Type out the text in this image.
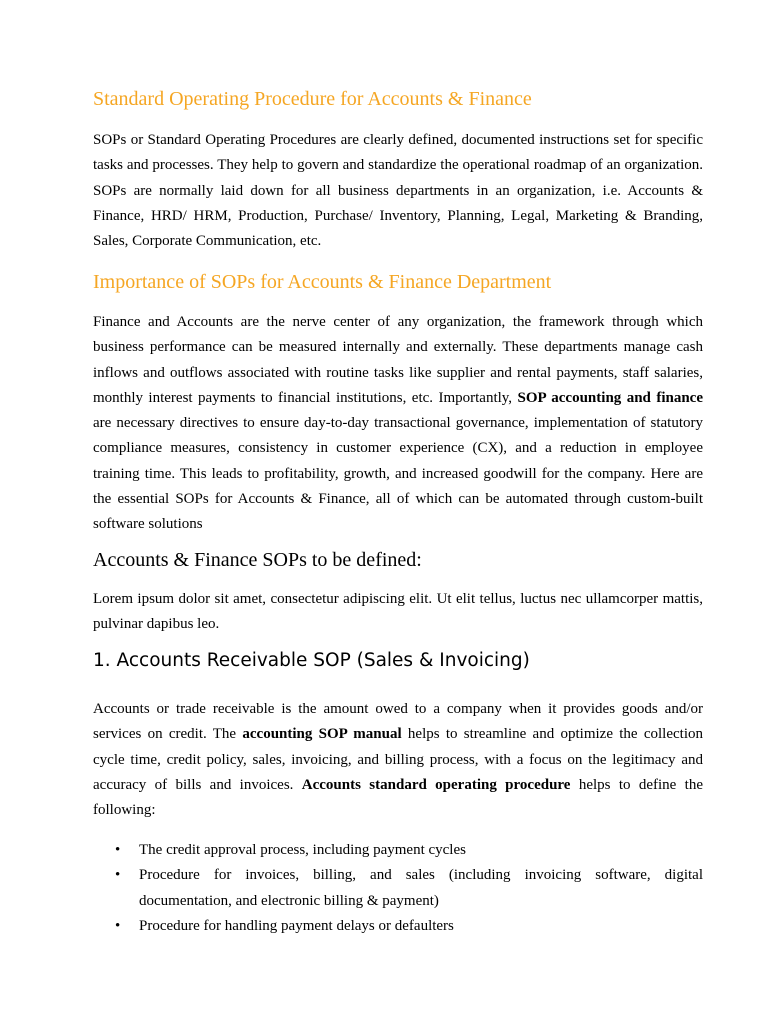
Standard Operating Procedure for Accounts & Finance

SOPs or Standard Operating Procedures are clearly defined, documented instructions set for specific tasks and processes. They help to govern and standardize the operational roadmap of an organization. SOPs are normally laid down for all business departments in an organization, i.e. Accounts & Finance, HRD/ HRM, Production, Purchase/ Inventory, Planning, Legal, Marketing & Branding, Sales, Corporate Communication, etc.

Importance of SOPs for Accounts & Finance Department

Finance and Accounts are the nerve center of any organization, the framework through which business performance can be measured internally and externally. These departments manage cash inflows and outflows associated with routine tasks like supplier and rental payments, staff salaries, monthly interest payments to financial institutions, etc. Importantly, SOP accounting and finance are necessary directives to ensure day-to-day transactional governance, implementation of statutory compliance measures, consistency in customer experience (CX), and a reduction in employee training time. This leads to profitability, growth, and increased goodwill for the company. Here are the essential SOPs for Accounts & Finance, all of which can be automated through custom-built software solutions

Accounts & Finance SOPs to be defined:

Lorem ipsum dolor sit amet, consectetur adipiscing elit. Ut elit tellus, luctus nec ullamcorper mattis, pulvinar dapibus leo.

1. Accounts Receivable SOP (Sales & Invoicing)

Accounts or trade receivable is the amount owed to a company when it provides goods and/or services on credit. The accounting SOP manual helps to streamline and optimize the collection cycle time, credit policy, sales, invoicing, and billing process, with a focus on the legitimacy and accuracy of bills and invoices. Accounts standard operating procedure helps to define the following:

• The credit approval process, including payment cycles
• Procedure for invoices, billing, and sales (including invoicing software, digital documentation, and electronic billing & payment)
• Procedure for handling payment delays or defaulters
